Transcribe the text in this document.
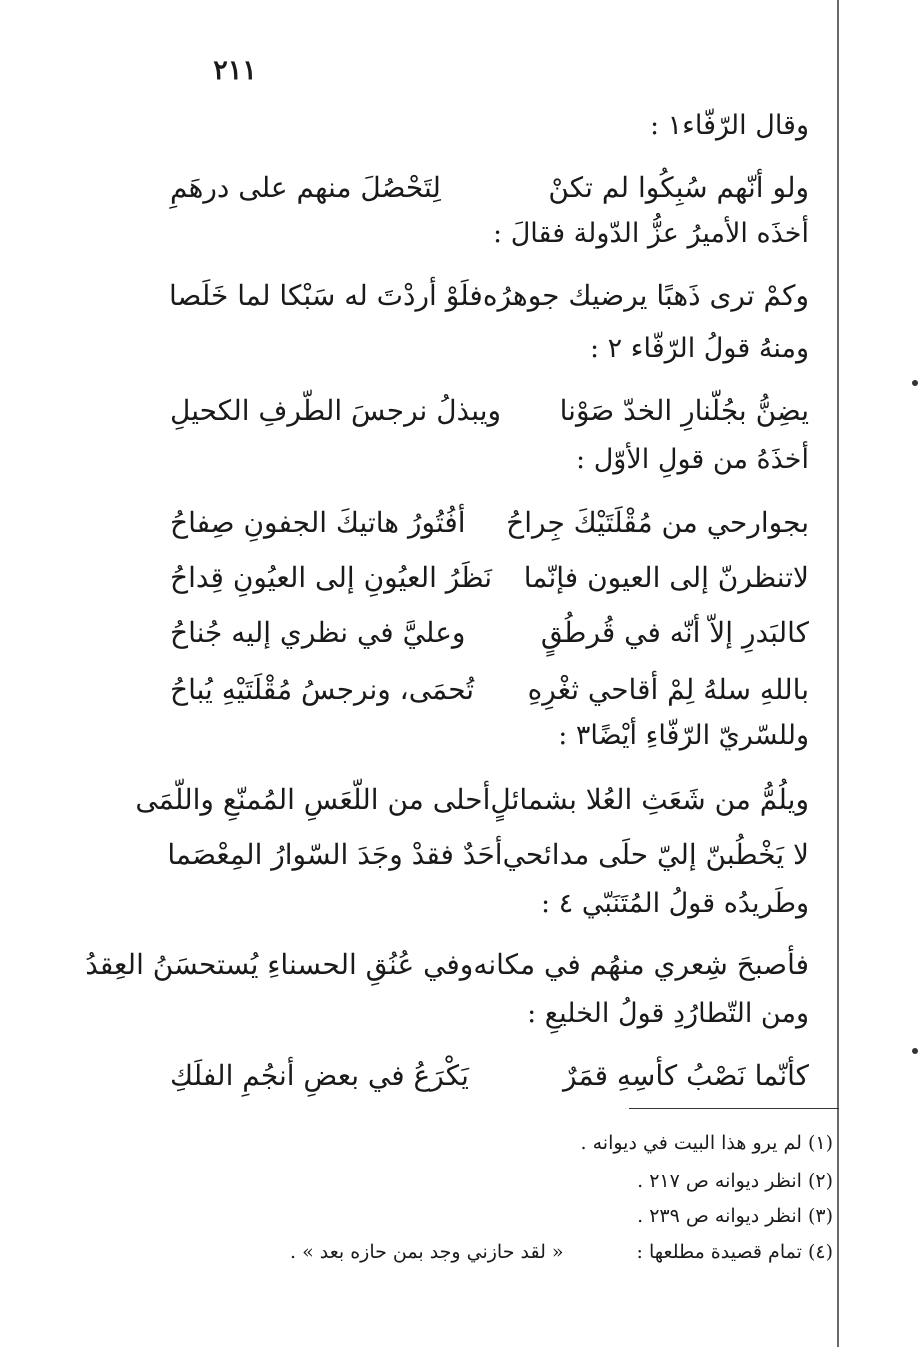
٢١١
وقال الرّفّاء١ :
ولو أنّهم سُبِكُوا لم تكنْ
لِتَحْصُلَ منهم على درهَمِ
أخذَه الأميرُ عزُّ الدّولة فقالَ :
وكمْ ترى ذَهبًا يرضيك جوهرُه
فلَوْ أردْتَ له سَبْكا لما خَلَصا
ومنهُ قولُ الرّفّاء ٢ :
يضِنُّ بجُلّنارِ الخدّ صَوْنا
ويبذلُ نرجسَ الطّرفِ الكحيلِ
أخذَهُ من قولِ الأوّل :
بجوارحي من مُقْلَتَيْكَ جِراحُ
أفُتُورُ هاتيكَ الجفونِ صِفاحُ
لاتنظرنّ إلى العيون فإنّما
نَظَرُ العيُونِ إلى العيُونِ قِداحُ
كالبَدرِ إلاّ أنّه في قُرطُقٍ
وعليَّ في نظري إليه جُناحُ
باللهِ سلهُ لِمْ أقاحي ثغْرِهِ
تُحمَى، ونرجسُ مُقْلَتَيْهِ يُباحُ
وللسّريّ الرّفّاءِ أيْضًا٣ :
ويلُمُّ من شَعَثِ العُلا بشمائلٍ
أحلى من اللّعَسِ المُمنّعِ واللّمَى
لا يَخْطُبنّ إليّ حلَى مدائحي
أحَدٌ فقدْ وجَدَ السّوارُ المِعْصَما
وطَريدُه قولُ المُتَنَبّي ٤ :
فأصبحَ شِعري منهُم في مكانه
وفي عُنُقِ الحسناءِ يُستحسَنُ العِقدُ
ومن التّطارُدِ قولُ الخليعِ :
كأنّما نَصْبُ كأسِهِ قمَرٌ
يَكْرَعُ في بعضِ أنجُمِ الفلَكِ
(١) لم يرو هذا البيت في ديوانه .
(٢) انظر ديوانه ص ٢١٧ .
(٣) انظر ديوانه ص ٢٣٩ .
(٤) تمام قصيدة مطلعها :
« لقد حازني وجد بمن حازه بعد » .
